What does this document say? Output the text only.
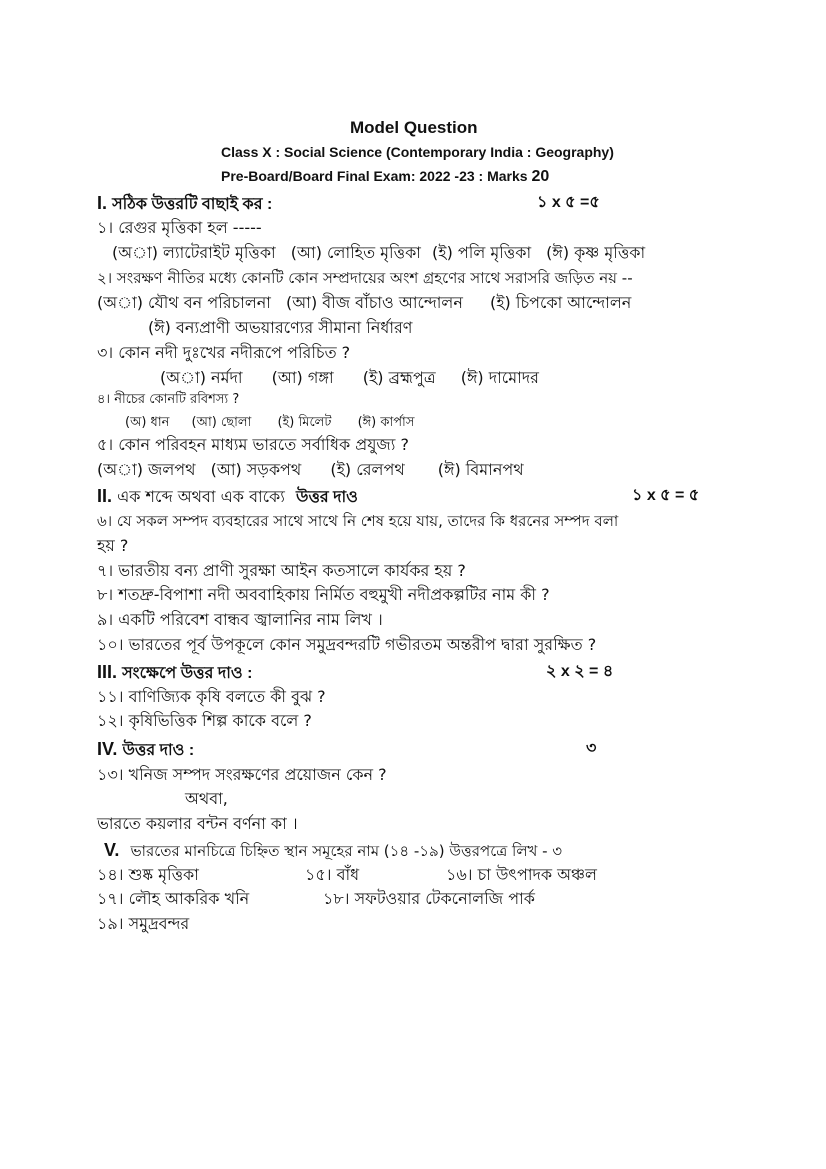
Model Question
Class X : Social Science (Contemporary India : Geography)
Pre-Board/Board Final Exam: 2022 -23 : Marks 20
I. সঠিক উত্তরটি বাছাই কর :	১ x ৫ =৫
১। রেগুর মৃত্তিকা হল -----
(অা) ল্যাটেরাইট মৃত্তিকা (আ) লোহিত মৃত্তিকা (ই) পলি মৃত্তিকা (ঈ) কৃষ্ণ মৃত্তিকা
২। সংরক্ষণ নীতির মধ্যে কোনটি কোন সম্প্রদায়ের অংশ গ্রহণের সাথে সরাসরি জড়িত নয় --
(অা) যৌথ বন পরিচালনা (আ) বীজ বাঁচাও আন্দোলন (ই) চিপকো আন্দোলন
(ঈ) বন্যপ্রাণী অভয়ারণ্যের সীমানা নির্ধারণ
৩। কোন নদী দুঃখের নদীরূপে পরিচিত ?
(অা) নর্মদা (আ) গঙ্গা (ই) ব্রহ্মপুত্র (ঈ) দামোদর
৪। নীচের কোনটি রবিশস্য ?
(অ) ধান (আ) ছোলা (ই) মিলেট (ঈ) কার্পাস
৫। কোন পরিবহন মাধ্যম ভারতে সর্বাধিক প্রযুজ্য ?
(অা) জলপথ (আ) সড়কপথ (ই) রেলপথ (ঈ) বিমানপথ
II. এক শব্দে অথবা এক বাক্যে উত্তর দাও	১ x ৫ = ৫
৬। যে সকল সম্পদ ব্যবহারের সাথে সাথে নি শেষ হয়ে যায়, তাদের কি ধরনের সম্পদ বলা
হয় ?
৭। ভারতীয় বন্য প্রাণী সুরক্ষা আইন কতসালে কার্যকর হয় ?
৮। শতদ্রু-বিপাশা নদী অববাহিকায় নির্মিত বহুমুখী নদীপ্রকল্পটির নাম কী ?
৯। একটি পরিবেশ বান্ধব জ্বালানির নাম লিখ ।
১০। ভারতের পূর্ব উপকূলে কোন সমুদ্রবন্দরটি গভীরতম অন্তরীপ দ্বারা সুরক্ষিত ?
III. সংক্ষেপে উত্তর দাও :	২ x ২ = ৪
১১। বাণিজ্যিক কৃষি বলতে কী বুঝ ?
১২। কৃষিভিত্তিক শিল্প কাকে বলে ?
IV. উত্তর দাও :	৩
১৩। খনিজ সম্পদ সংরক্ষণের প্রয়োজন কেন ?
অথবা,
ভারতে কয়লার বন্টন বর্ণনা কা ।
V. ভারতের মানচিত্রে চিহ্নিত স্থান সমূহের নাম (১৪ -১৯) উত্তরপত্রে লিখ - ৩
১৪। শুষ্ক মৃত্তিকা	১৫। বাঁধ	১৬। চা উৎপাদক অঞ্চল
১৭। লৌহ আকরিক খনি	১৮। সফটওয়ার টেকনোলজি পার্ক
১৯। সমুদ্রবন্দর
